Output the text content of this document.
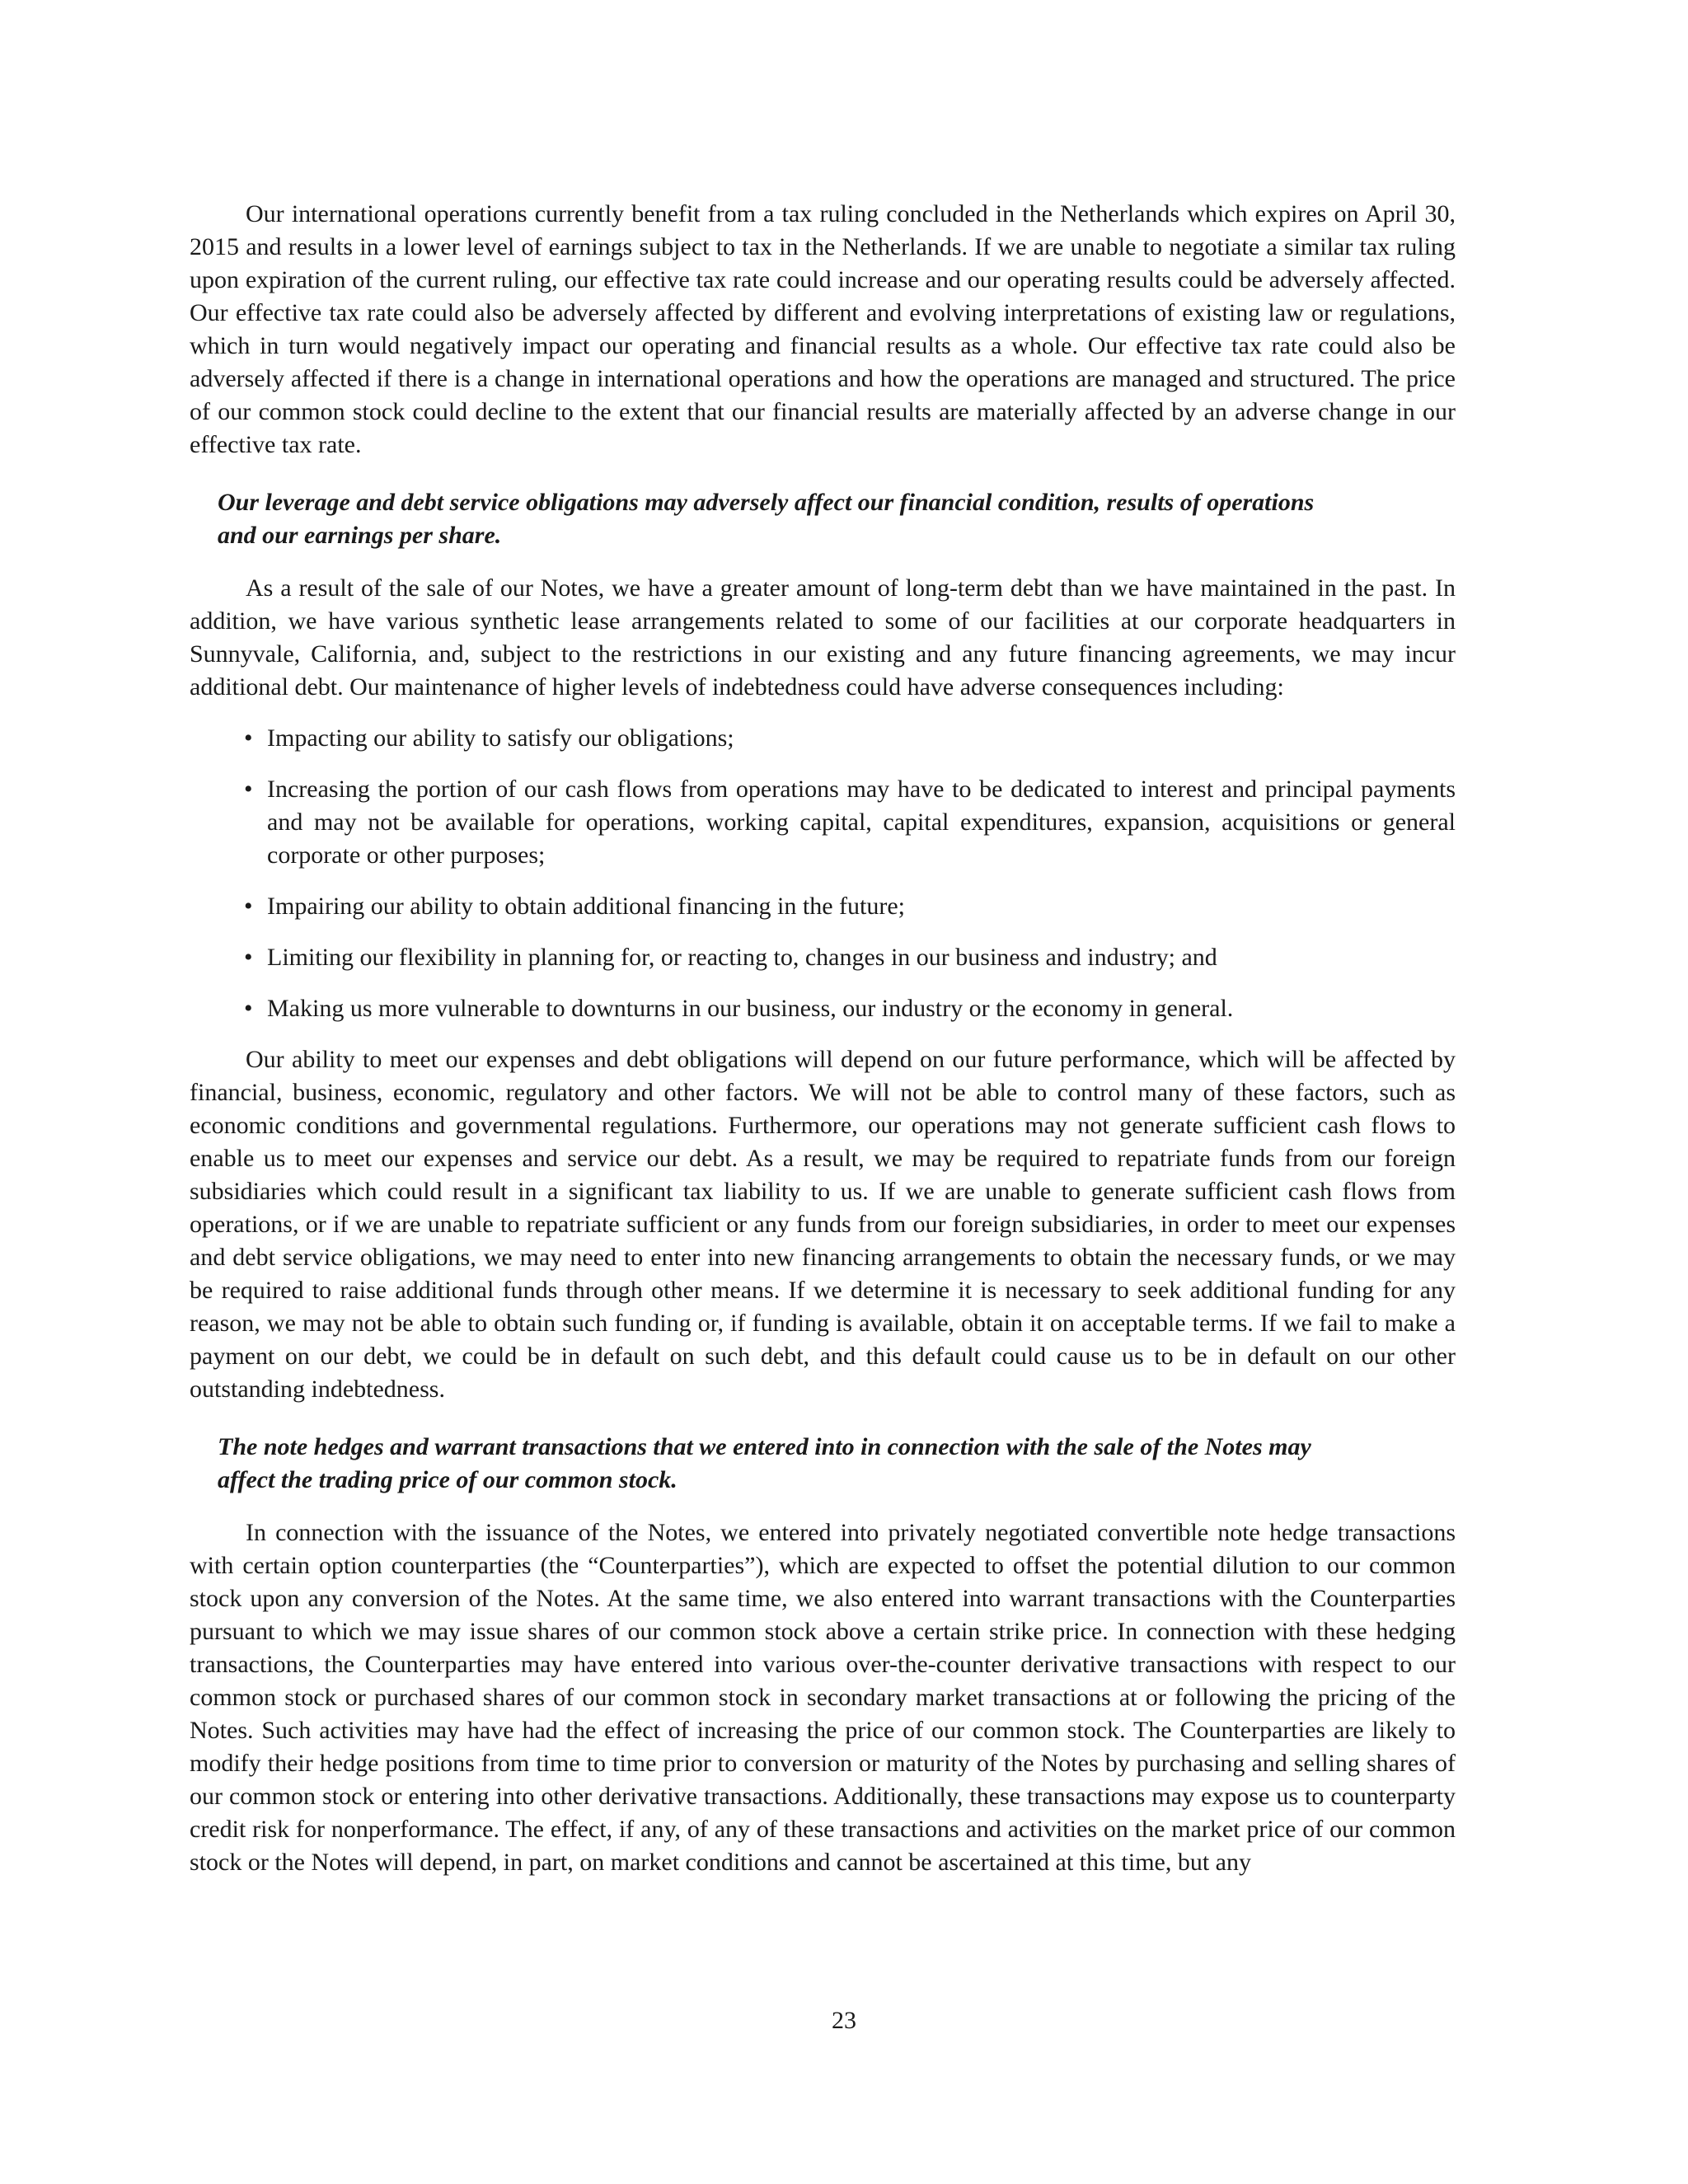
Our international operations currently benefit from a tax ruling concluded in the Netherlands which expires on April 30, 2015 and results in a lower level of earnings subject to tax in the Netherlands. If we are unable to negotiate a similar tax ruling upon expiration of the current ruling, our effective tax rate could increase and our operating results could be adversely affected. Our effective tax rate could also be adversely affected by different and evolving interpretations of existing law or regulations, which in turn would negatively impact our operating and financial results as a whole. Our effective tax rate could also be adversely affected if there is a change in international operations and how the operations are managed and structured. The price of our common stock could decline to the extent that our financial results are materially affected by an adverse change in our effective tax rate.

Our leverage and debt service obligations may adversely affect our financial condition, results of operations and our earnings per share.

As a result of the sale of our Notes, we have a greater amount of long-term debt than we have maintained in the past. In addition, we have various synthetic lease arrangements related to some of our facilities at our corporate headquarters in Sunnyvale, California, and, subject to the restrictions in our existing and any future financing agreements, we may incur additional debt. Our maintenance of higher levels of indebtedness could have adverse consequences including:

• Impacting our ability to satisfy our obligations;
• Increasing the portion of our cash flows from operations may have to be dedicated to interest and principal payments and may not be available for operations, working capital, capital expenditures, expansion, acquisitions or general corporate or other purposes;
• Impairing our ability to obtain additional financing in the future;
• Limiting our flexibility in planning for, or reacting to, changes in our business and industry; and
• Making us more vulnerable to downturns in our business, our industry or the economy in general.

Our ability to meet our expenses and debt obligations will depend on our future performance, which will be affected by financial, business, economic, regulatory and other factors. We will not be able to control many of these factors, such as economic conditions and governmental regulations. Furthermore, our operations may not generate sufficient cash flows to enable us to meet our expenses and service our debt. As a result, we may be required to repatriate funds from our foreign subsidiaries which could result in a significant tax liability to us. If we are unable to generate sufficient cash flows from operations, or if we are unable to repatriate sufficient or any funds from our foreign subsidiaries, in order to meet our expenses and debt service obligations, we may need to enter into new financing arrangements to obtain the necessary funds, or we may be required to raise additional funds through other means. If we determine it is necessary to seek additional funding for any reason, we may not be able to obtain such funding or, if funding is available, obtain it on acceptable terms. If we fail to make a payment on our debt, we could be in default on such debt, and this default could cause us to be in default on our other outstanding indebtedness.

The note hedges and warrant transactions that we entered into in connection with the sale of the Notes may affect the trading price of our common stock.

In connection with the issuance of the Notes, we entered into privately negotiated convertible note hedge transactions with certain option counterparties (the “Counterparties”), which are expected to offset the potential dilution to our common stock upon any conversion of the Notes. At the same time, we also entered into warrant transactions with the Counterparties pursuant to which we may issue shares of our common stock above a certain strike price. In connection with these hedging transactions, the Counterparties may have entered into various over-the-counter derivative transactions with respect to our common stock or purchased shares of our common stock in secondary market transactions at or following the pricing of the Notes. Such activities may have had the effect of increasing the price of our common stock. The Counterparties are likely to modify their hedge positions from time to time prior to conversion or maturity of the Notes by purchasing and selling shares of our common stock or entering into other derivative transactions. Additionally, these transactions may expose us to counterparty credit risk for nonperformance. The effect, if any, of any of these transactions and activities on the market price of our common stock or the Notes will depend, in part, on market conditions and cannot be ascertained at this time, but any

23
